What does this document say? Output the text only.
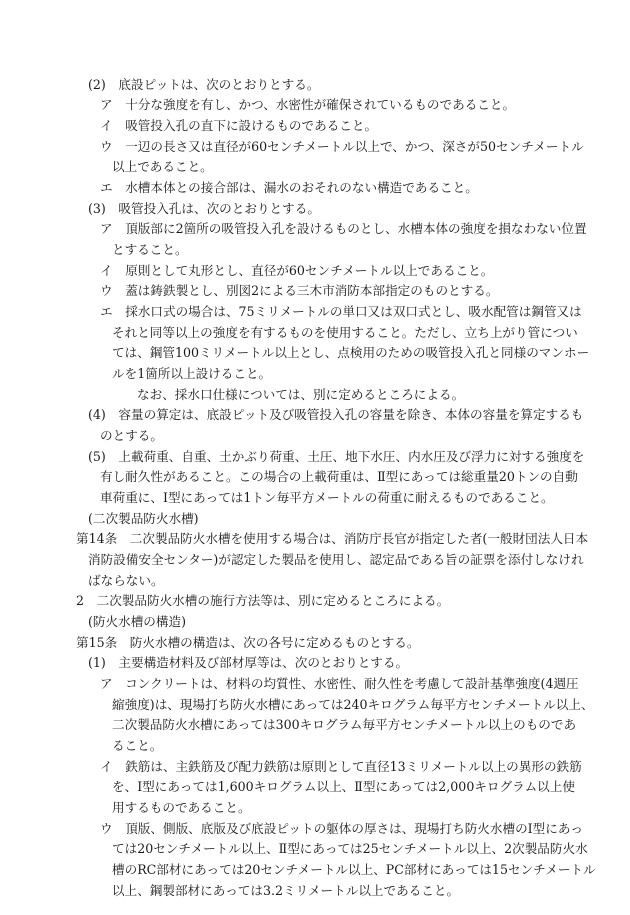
(2)　底設ピットは、次のとおりとする。
ア　十分な強度を有し、かつ、水密性が確保されているものであること。
イ　吸管投入孔の直下に設けるものであること。
ウ　一辺の長さ又は直径が60センチメートル以上で、かつ、深さが50センチメートル
以上であること。
エ　水槽本体との接合部は、漏水のおそれのない構造であること。
(3)　吸管投入孔は、次のとおりとする。
ア　頂版部に2箇所の吸管投入孔を設けるものとし、水槽本体の強度を損なわない位置
とすること。
イ　原則として丸形とし、直径が60センチメートル以上であること。
ウ　蓋は鋳鉄製とし、別図2による三木市消防本部指定のものとする。
エ　採水口式の場合は、75ミリメートルの単口又は双口式とし、吸水配管は鋼管又は
それと同等以上の強度を有するものを使用すること。ただし、立ち上がり管につい
ては、鋼管100ミリメートル以上とし、点検用のための吸管投入孔と同様のマンホー
ルを1箇所以上設けること。
なお、採水口仕様については、別に定めるところによる。
(4)　容量の算定は、底設ピット及び吸管投入孔の容量を除き、本体の容量を算定するも
のとする。
(5)　上載荷重、自重、土かぶり荷重、土圧、地下水圧、内水圧及び浮力に対する強度を
有し耐久性があること。この場合の上載荷重は、Ⅱ型にあっては総重量20トンの自動
車荷重に、Ⅰ型にあっては1トン毎平方メートルの荷重に耐えるものであること。
(二次製品防火水槽)
第14条　二次製品防火水槽を使用する場合は、消防庁長官が指定した者(一般財団法人日本
消防設備安全センター)が認定した製品を使用し、認定品である旨の証票を添付しなけれ
ばならない。
2　二次製品防火水槽の施行方法等は、別に定めるところによる。
(防火水槽の構造)
第15条　防火水槽の構造は、次の各号に定めるものとする。
(1)　主要構造材料及び部材厚等は、次のとおりとする。
ア　コンクリートは、材料の均質性、水密性、耐久性を考慮して設計基準強度(4週圧
縮強度)は、現場打ち防火水槽にあっては240キログラム毎平方センチメートル以上、
二次製品防火水槽にあっては300キログラム毎平方センチメートル以上のものであ
ること。
イ　鉄筋は、主鉄筋及び配力鉄筋は原則として直径13ミリメートル以上の異形の鉄筋
を、Ⅰ型にあっては1,600キログラム以上、Ⅱ型にあっては2,000キログラム以上使
用するものであること。
ウ　頂版、側版、底版及び底設ピットの躯体の厚さは、現場打ち防火水槽のⅠ型にあっ
ては20センチメートル以上、Ⅱ型にあっては25センチメートル以上、2次製品防火水
槽のRC部材にあっては20センチメートル以上、PC部材にあっては15センチメートル
以上、鋼製部材にあっては3.2ミリメートル以上であること。
